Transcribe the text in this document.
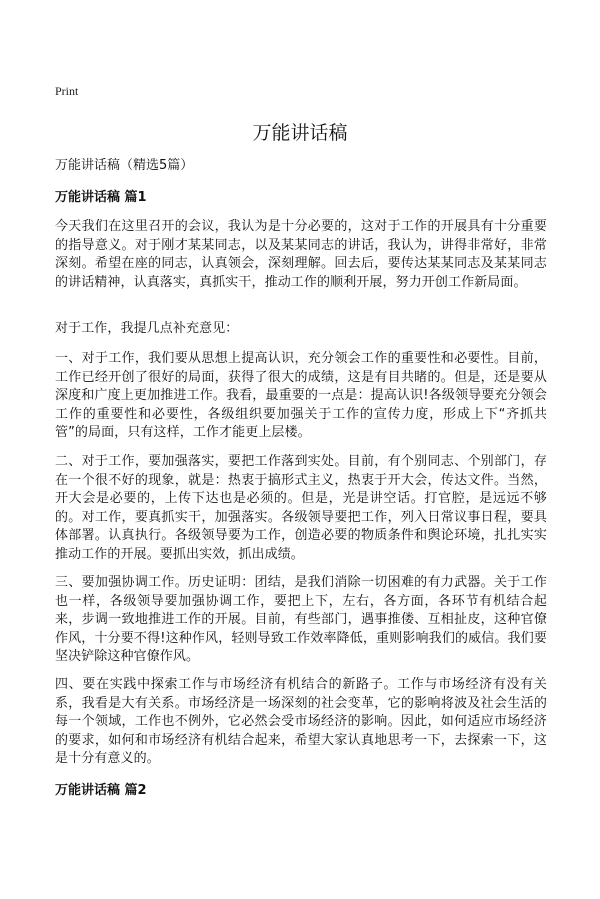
Print
万能讲话稿

万能讲话稿（精选5篇）

万能讲话稿 篇1

今天我们在这里召开的会议，我认为是十分必要的，这对于工作的开展具有十分重要的指导意义。对于刚才某某同志，以及某某同志的讲话，我认为，讲得非常好，非常深刻。希望在座的同志，认真领会，深刻理解。回去后，要传达某某同志及某某同志的讲话精神，认真落实，真抓实干，推动工作的顺利开展，努力开创工作新局面。

对于工作，我提几点补充意见：

一、对于工作，我们要从思想上提高认识，充分领会工作的重要性和必要性。目前，工作已经开创了很好的局面，获得了很大的成绩，这是有目共睹的。但是，还是要从深度和广度上更加推进工作。我看，最重要的一点是：提高认识!各级领导要充分领会工作的重要性和必要性，各级组织要加强关于工作的宣传力度，形成上下“齐抓共管”的局面，只有这样，工作才能更上层楼。

二、对于工作，要加强落实，要把工作落到实处。目前，有个别同志、个别部门，存在一个很不好的现象，就是：热衷于搞形式主义，热衷于开大会，传达文件。当然，开大会是必要的，上传下达也是必须的。但是，光是讲空话。打官腔，是远远不够的。对工作，要真抓实干，加强落实。各级领导要把工作，列入日常议事日程，要具体部署。认真执行。各级领导要为工作，创造必要的物质条件和舆论环境，扎扎实实推动工作的开展。要抓出实效，抓出成绩。

三、要加强协调工作。历史证明：团结，是我们消除一切困难的有力武器。关于工作也一样，各级领导要加强协调工作，要把上下，左右，各方面，各环节有机结合起来，步调一致地推进工作的开展。目前，有些部门，遇事推偻、互相扯皮，这种官僚作风，十分要不得!这种作风，轻则导致工作效率降低，重则影响我们的威信。我们要坚决铲除这种官僚作风。

四、要在实践中探索工作与市场经济有机结合的新路子。工作与市场经济有没有关系，我看是大有关系。市场经济是一场深刻的社会变革，它的影响将波及社会生活的每一个领域，工作也不例外，它必然会受市场经济的影响。因此，如何适应市场经济的要求，如何和市场经济有机结合起来，希望大家认真地思考一下，去探索一下，这是十分有意义的。

万能讲话稿 篇2
